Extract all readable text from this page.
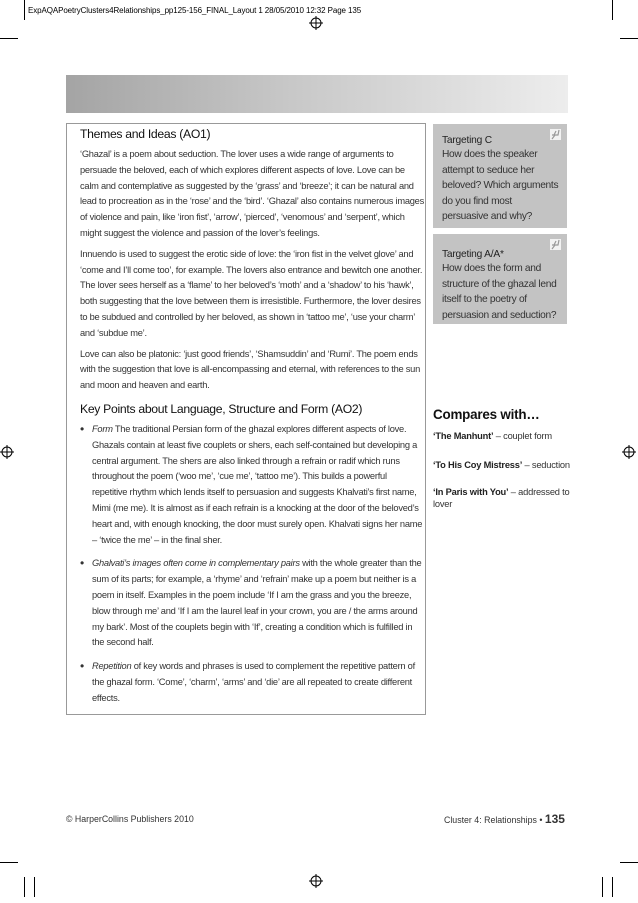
ExpAQAPoetryClusters4Relationships_pp125-156_FINAL_Layout 1 28/05/2010 12:32 Page 135
Themes and Ideas (AO1)

‘Ghazal’ is a poem about seduction. The lover uses a wide range of arguments to persuade the beloved, each of which explores different aspects of love. Love can be calm and contemplative as suggested by the ‘grass’ and ‘breeze’; it can be natural and lead to procreation as in the ‘rose’ and the ‘bird’. ‘Ghazal’ also contains numerous images of violence and pain, like ‘iron fist’, ‘arrow’, ‘pierced’, ‘venomous’ and ‘serpent’, which might suggest the violence and passion of the lover’s feelings.

Innuendo is used to suggest the erotic side of love: the ‘iron fist in the velvet glove’ and ‘come and I’ll come too’, for example. The lovers also entrance and bewitch one another. The lover sees herself as a ‘flame’ to her beloved’s ‘moth’ and a ‘shadow’ to his ‘hawk’, both suggesting that the love between them is irresistible. Furthermore, the lover desires to be subdued and controlled by her beloved, as shown in ‘tattoo me’, ‘use your charm’ and ‘subdue me’.

Love can also be platonic: ‘just good friends’, ‘Shamsuddin’ and ‘Rumi’. The poem ends with the suggestion that love is all-encompassing and eternal, with references to the sun and moon and heaven and earth.

Key Points about Language, Structure and Form (AO2)
• Form The traditional Persian form of the ghazal explores different aspects of love. Ghazals contain at least five couplets or shers, each self-contained but developing a central argument. The shers are also linked through a refrain or radif which runs throughout the poem (‘woo me’, ‘cue me’, ‘tattoo me’). This builds a powerful repetitive rhythm which lends itself to persuasion and suggests Khalvati’s first name, Mimi (me me). It is almost as if each refrain is a knocking at the door of the beloved’s heart and, with enough knocking, the door must surely open. Khalvati signs her name – ‘twice the me’ – in the final sher.
• Ghalvati’s images often come in complementary pairs with the whole greater than the sum of its parts; for example, a ‘rhyme’ and ‘refrain’ make up a poem but neither is a poem in itself. Examples in the poem include ‘If I am the grass and you the breeze, blow through me’ and ‘If I am the laurel leaf in your crown, you are / the arms around my bark’. Most of the couplets begin with ‘If’, creating a condition which is fulfilled in the second half.
• Repetition of key words and phrases is used to complement the repetitive pattern of the ghazal form. ‘Come’, ‘charm’, ‘arms’ and ‘die’ are all repeated to create different effects.
Targeting C
How does the speaker attempt to seduce her beloved? Which arguments do you find most persuasive and why?
Targeting A/A*
How does the form and structure of the ghazal lend itself to the poetry of persuasion and seduction?
Compares with…
‘The Manhunt’ – couplet form
‘To His Coy Mistress’ – seduction
‘In Paris with You’ – addressed to lover
© HarperCollins Publishers 2010	Cluster 4: Relationships • 135
